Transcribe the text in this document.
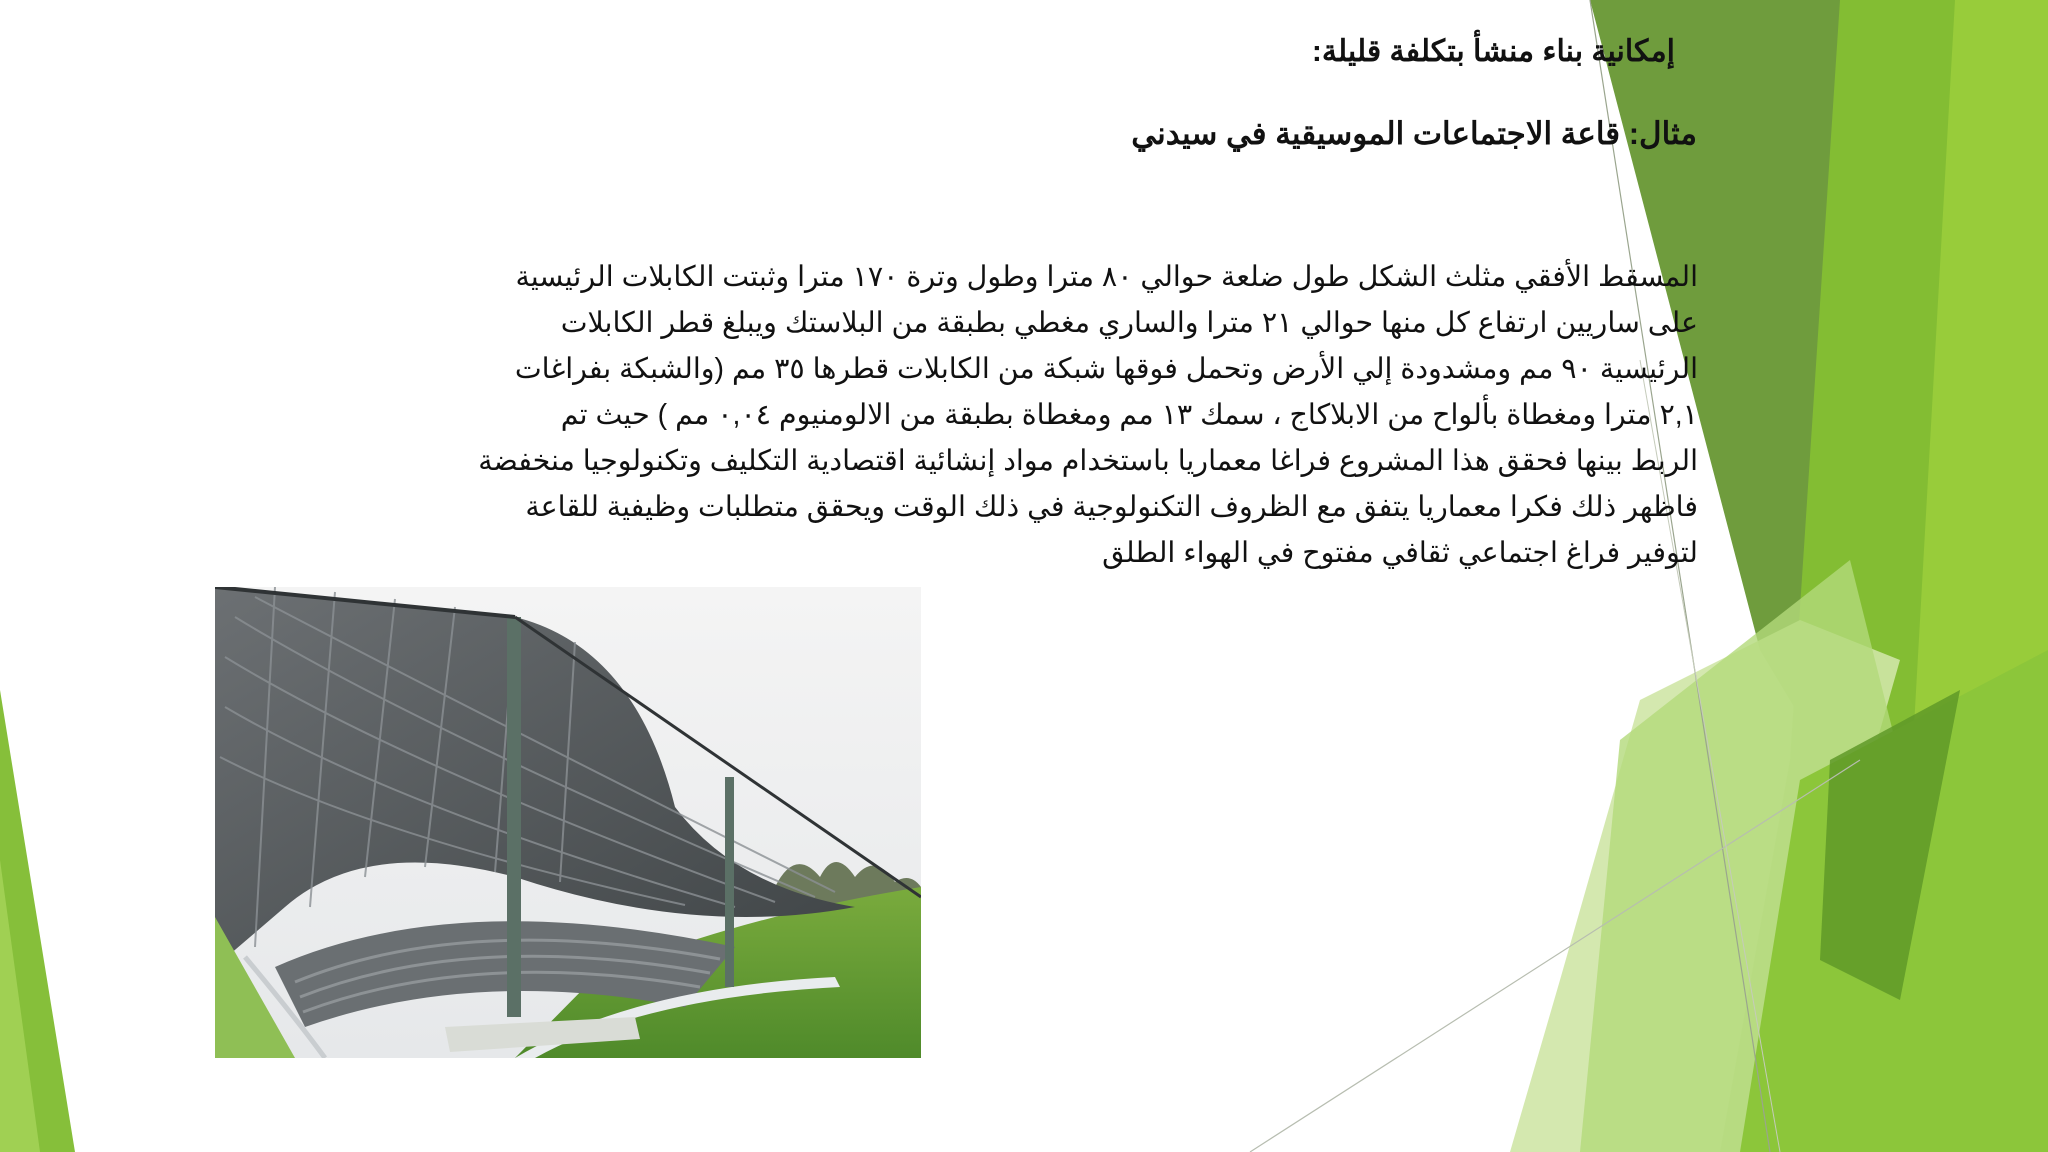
إمكانية بناء منشأ بتكلفة قليلة:
مثال: قاعة الاجتماعات الموسيقية في سيدني
المسقط الأفقي مثلث الشكل طول ضلعة حوالي ٨٠ مترا وطول وترة ١٧٠ مترا وثبتت الكابلات الرئيسية
على ساريين ارتفاع كل منها حوالي ٢١ مترا والساري مغطي بطبقة من البلاستك ويبلغ قطر الكابلات
الرئيسية ٩٠ مم ومشدودة إلي الأرض وتحمل فوقها شبكة من الكابلات قطرها ٣٥ مم (والشبكة بفراغات
٢,١ مترا ومغطاة بألواح من الابلاكاج ، سمك ١٣ مم ومغطاة بطبقة من الالومنيوم ٠,٠٤ مم ) حيث تم
الربط بينها فحقق هذا المشروع فراغا معماريا باستخدام مواد إنشائية اقتصادية التكليف وتكنولوجيا منخفضة
فاظهر ذلك فكرا معماريا يتفق مع الظروف التكنولوجية في ذلك الوقت ويحقق متطلبات وظيفية للقاعة
لتوفير فراغ اجتماعي ثقافي مفتوح في الهواء الطلق
